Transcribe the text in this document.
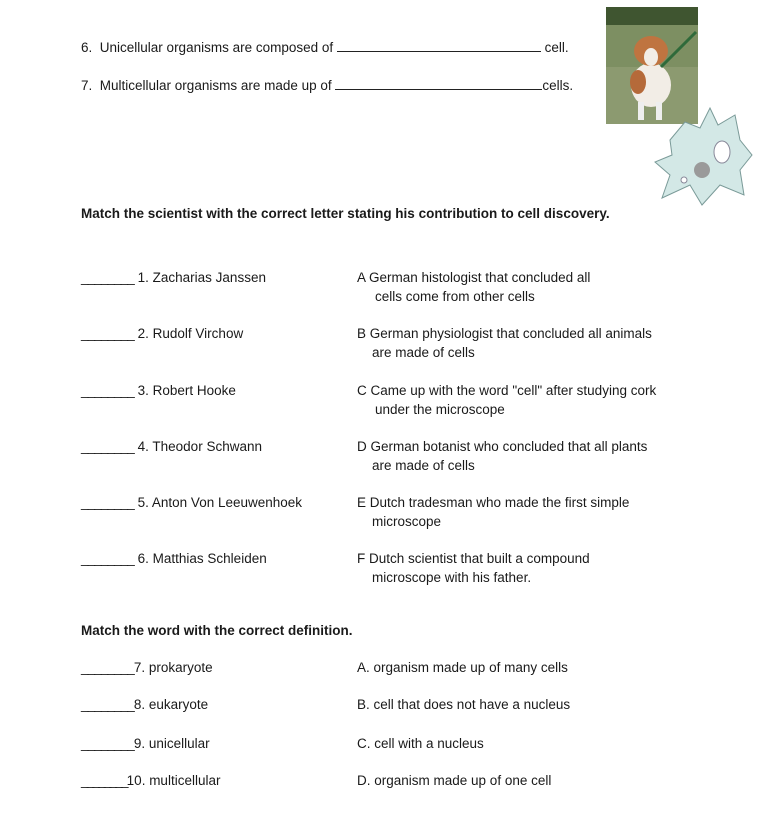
6. Unicellular organisms are composed of	cell.
7. Multicellular organisms are made up of	cells.
Match the scientist with the correct letter stating his contribution to cell discovery.
________ 1. Zacharias Janssen	A German histologist that concluded all
cells come from other cells
________ 2. Rudolf Virchow	B German physiologist that concluded all animals
are made of cells
________ 3. Robert Hooke	C Came up with the word "cell" after studying cork
under the microscope
________ 4. Theodor Schwann	D German botanist who concluded that all plants
are made of cells
________ 5. Anton Von Leeuwenhoek	E Dutch tradesman who made the first simple
microscope
________ 6. Matthias Schleiden	F Dutch scientist that built a compound
microscope with his father.
Match the word with the correct definition.
________7. prokaryote	A. organism made up of many cells
________8. eukaryote	B. cell that does not have a nucleus
________9. unicellular	C. cell with a nucleus
________10. multicellular	D. organism made up of one cell
